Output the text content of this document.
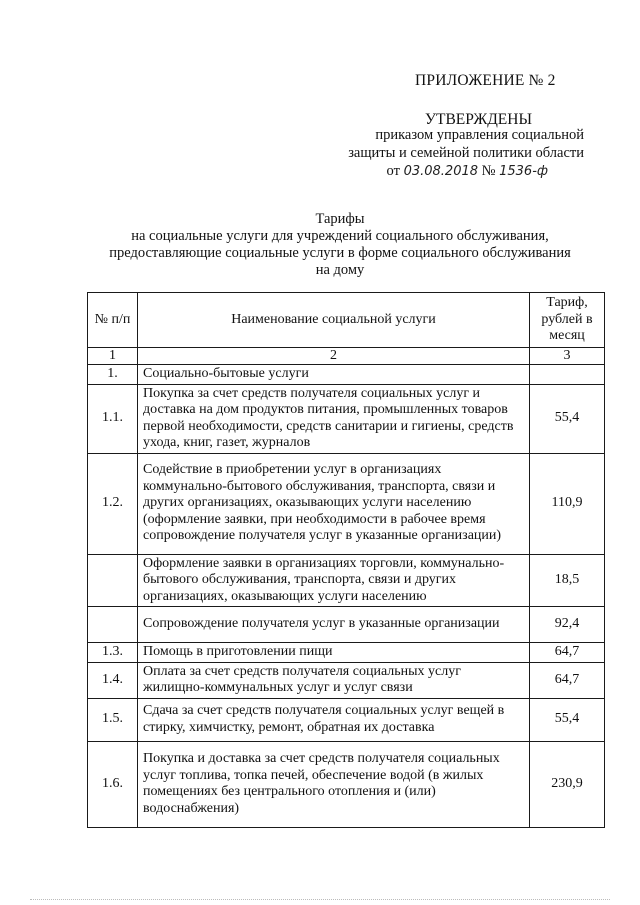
ПРИЛОЖЕНИЕ № 2
УТВЕРЖДЕНЫ
приказом управления социальной
защиты и семейной политики области
от 03.08.2018 № 1536-ф
Тарифы
на социальные услуги для учреждений социального обслуживания,
предоставляющие социальные услуги в форме социального обслуживания
на дому
№ п/п	Наименование социальной услуги	Тариф, рублей в месяц
1	2	3
1.	Социально-бытовые услуги	
1.1.	Покупка за счет средств получателя социальных услуг и доставка на дом продуктов питания, промышленных товаров первой необходимости, средств санитарии и гигиены, средств ухода, книг, газет, журналов	55,4
1.2.	Содействие в приобретении услуг в организациях коммунально-бытового обслуживания, транспорта, связи и других организациях, оказывающих услуги населению (оформление заявки, при необходимости в рабочее время сопровождение получателя услуг в указанные организации)	110,9
	Оформление заявки в организациях торговли, коммунально-бытового обслуживания, транспорта, связи и других организациях, оказывающих услуги населению	18,5
	Сопровождение получателя услуг в указанные организации	92,4
1.3.	Помощь в приготовлении пищи	64,7
1.4.	Оплата за счет средств получателя социальных услуг жилищно-коммунальных услуг и услуг связи	64,7
1.5.	Сдача за счет средств получателя социальных услуг вещей в стирку, химчистку, ремонт, обратная их доставка	55,4
1.6.	Покупка и доставка за счет средств получателя социальных услуг топлива, топка печей, обеспечение водой (в жилых помещениях без центрального отопления и (или) водоснабжения)	230,9
